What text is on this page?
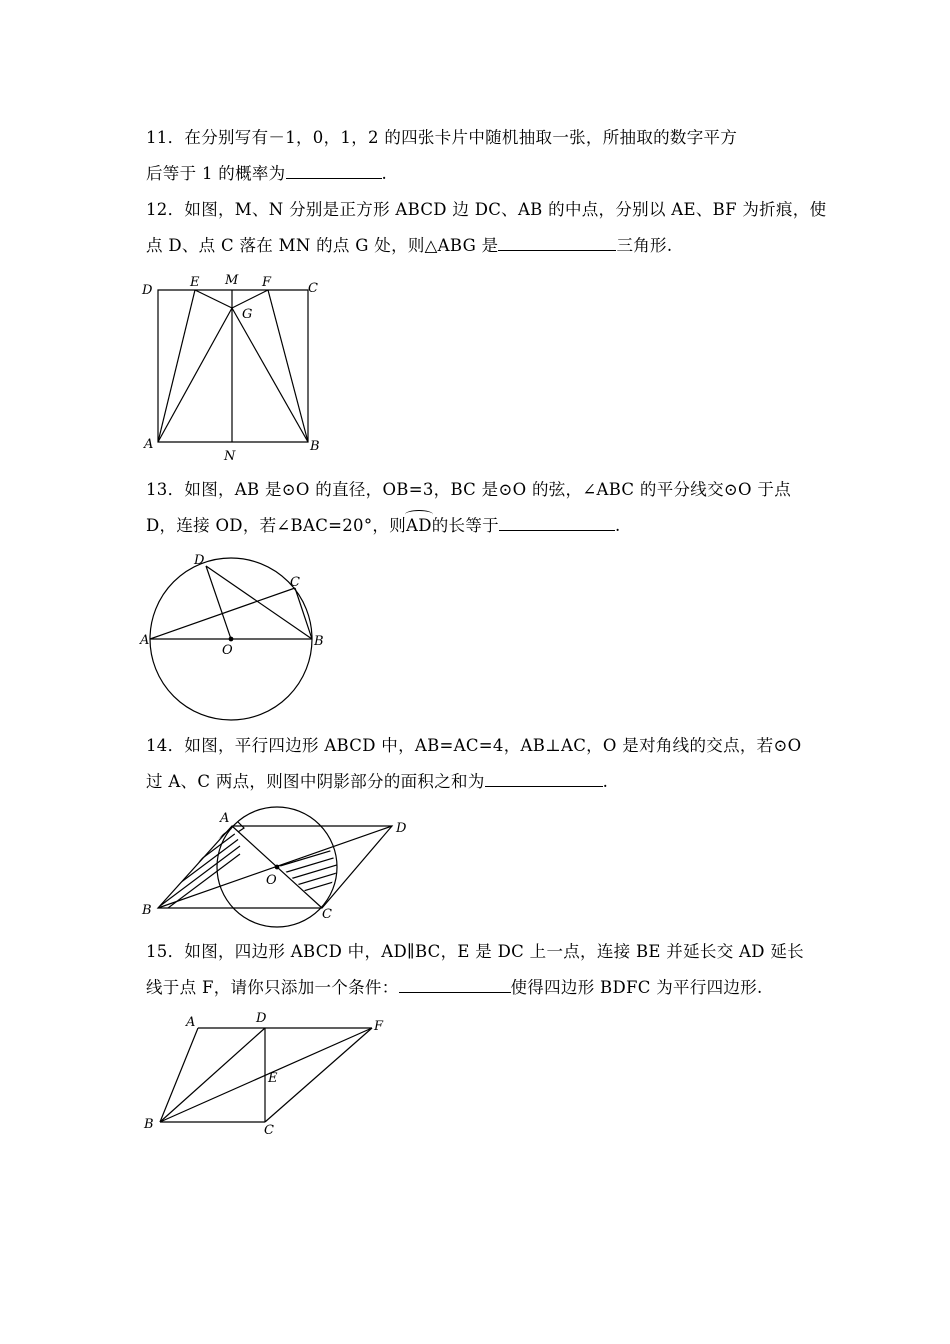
11．在分别写有－1，0，1，2 的四张卡片中随机抽取一张，所抽取的数字平方
后等于 1 的概率为	.
12．如图，M、N 分别是正方形 ABCD 边 DC、AB 的中点，分别以 AE、BF 为折痕，使
点 D、点 C 落在 MN 的点 G 处，则△ABG 是	三角形.
D
E M F	C
G
A
N
B
13．如图，AB 是⊙O 的直径，OB=3，BC 是⊙O 的弦，∠ABC 的平分线交⊙O 于点
D，连接 OD，若∠BAC=20°，则AD的长等于	.
D
C
A
O
B
14．如图，平行四边形 ABCD 中，AB=AC=4，AB⊥AC，O 是对角线的交点，若⊙O
过 A、C 两点，则图中阴影部分的面积之和为	.
A
D
O
B	C
15．如图，四边形 ABCD 中，AD∥BC，E 是 DC 上一点，连接 BE 并延长交 AD 延长
线于点 F，请你只添加一个条件：	使得四边形 BDFC 为平行四边形.
A	D
F
E
B	C
